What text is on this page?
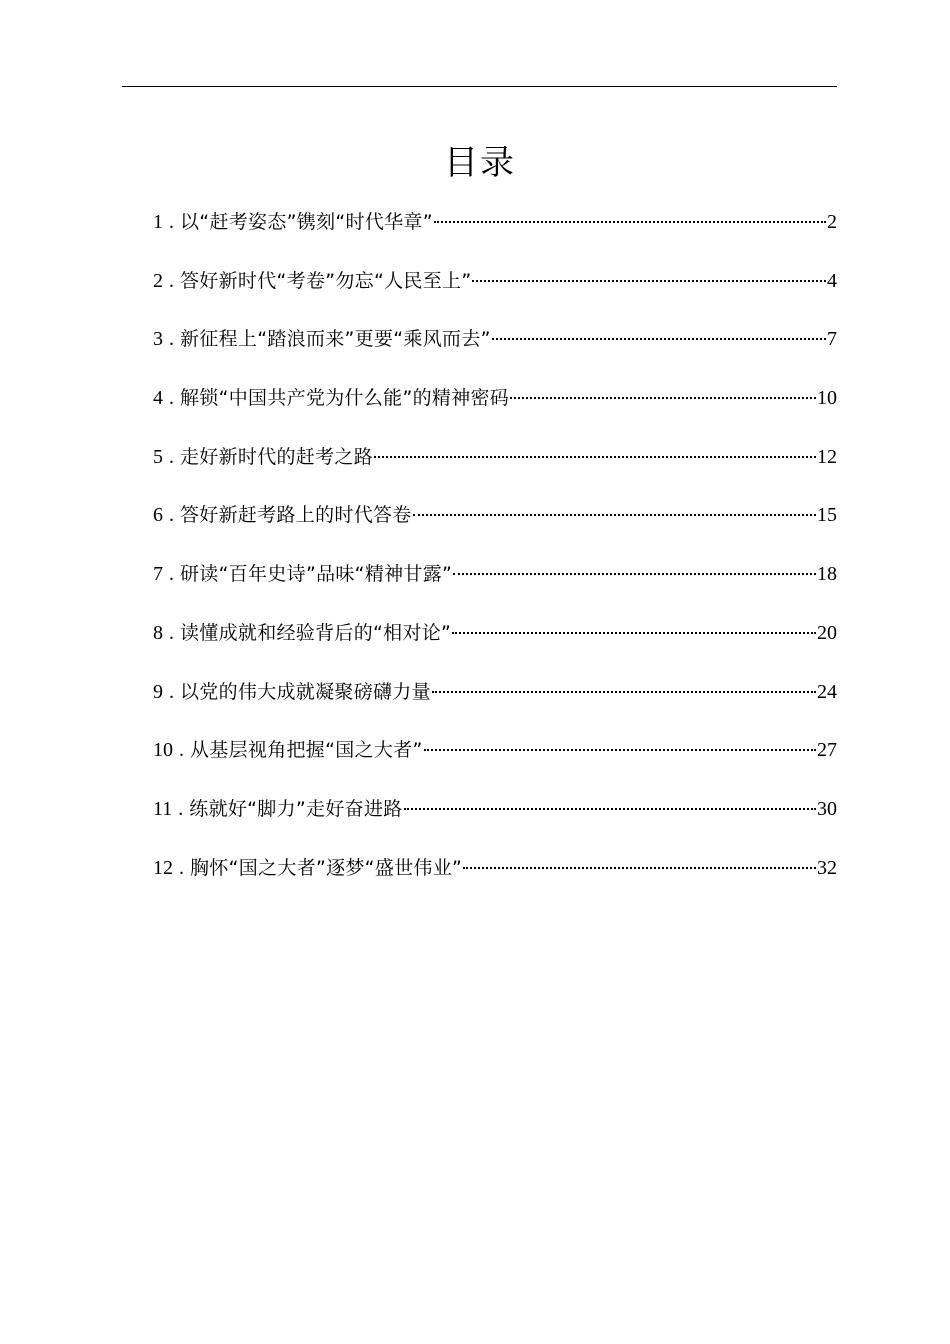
目录
1 . 以“赶考姿态”镌刻“时代华章”	2
2 . 答好新时代“考卷”勿忘“人民至上”	4
3 . 新征程上“踏浪而来”更要“乘风而去”	7
4 . 解锁“中国共产党为什么能”的精神密码	10
5 . 走好新时代的赶考之路	12
6 . 答好新赶考路上的时代答卷	15
7 . 研读“百年史诗”品味“精神甘露”	18
8 . 读懂成就和经验背后的“相对论”	20
9 . 以党的伟大成就凝聚磅礴力量	24
10 . 从基层视角把握“国之大者”	27
11 . 练就好“脚力”走好奋进路	30
12 . 胸怀“国之大者”逐梦“盛世伟业”	32
